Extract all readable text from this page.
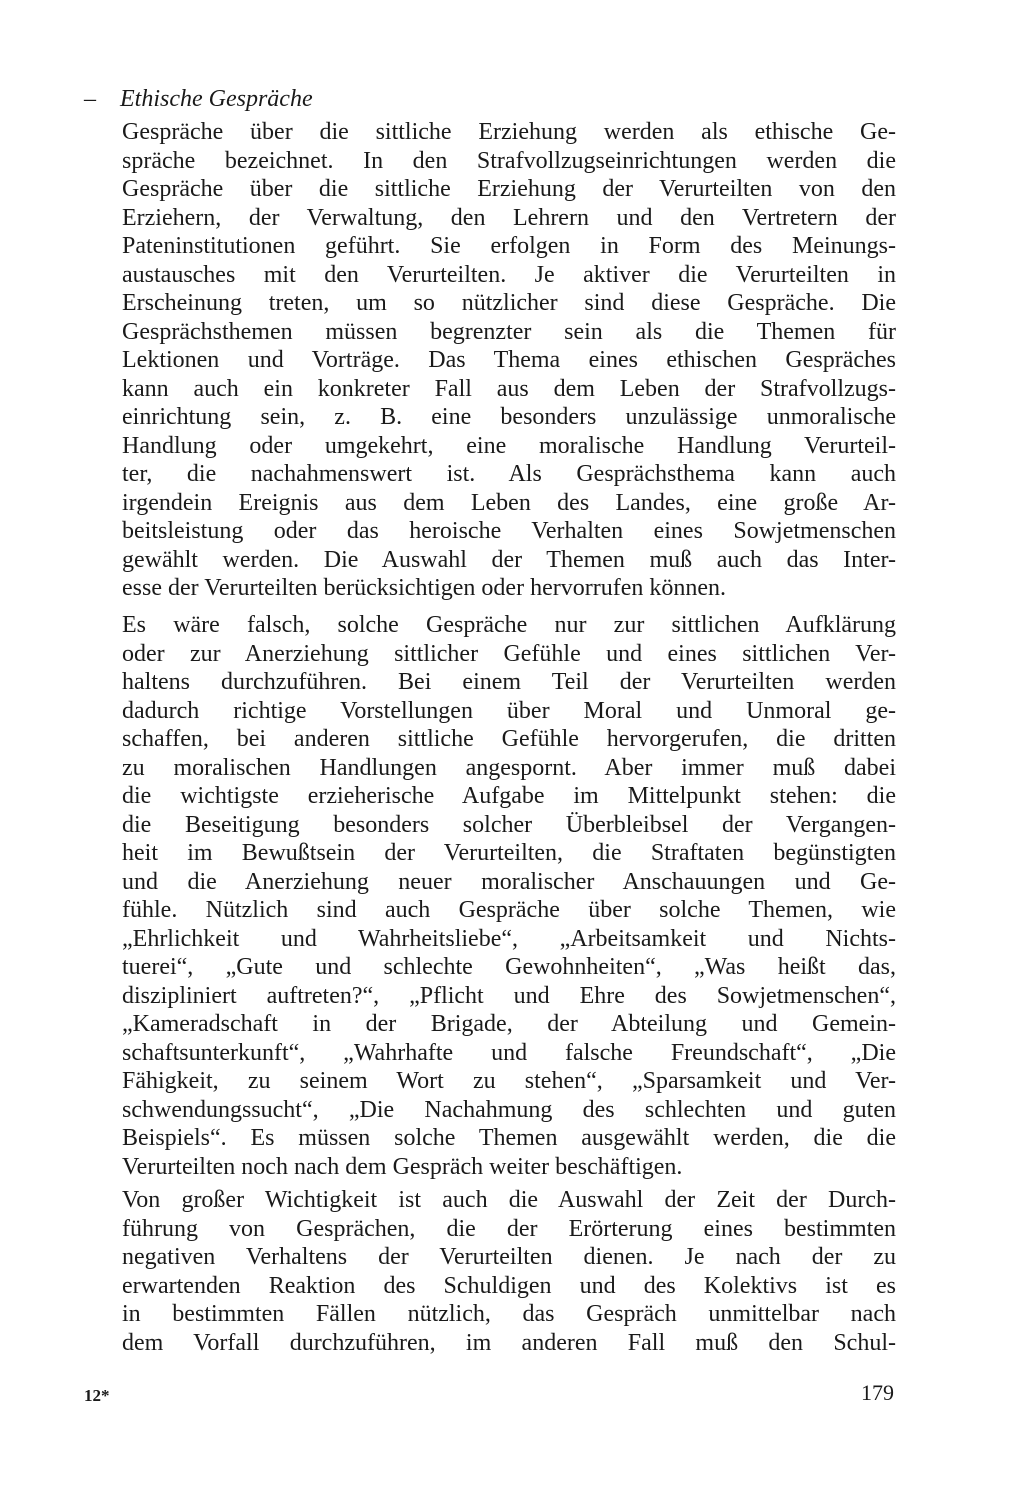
– Ethische Gespräche
Gespräche über die sittliche Erziehung werden als ethische Ge-
spräche bezeichnet. In den Strafvollzugseinrichtungen werden die
Gespräche über die sittliche Erziehung der Verurteilten von den
Erziehern, der Verwaltung, den Lehrern und den Vertretern der
Pateninstitutionen geführt. Sie erfolgen in Form des Meinungs-
austausches mit den Verurteilten. Je aktiver die Verurteilten in
Erscheinung treten, um so nützlicher sind diese Gespräche. Die
Gesprächsthemen müssen begrenzter sein als die Themen für
Lektionen und Vorträge. Das Thema eines ethischen Gespräches
kann auch ein konkreter Fall aus dem Leben der Strafvollzugs-
einrichtung sein, z. B. eine besonders unzulässige unmoralische
Handlung oder umgekehrt, eine moralische Handlung Verurteil-
ter, die nachahmenswert ist. Als Gesprächsthema kann auch
irgendein Ereignis aus dem Leben des Landes, eine große Ar-
beitsleistung oder das heroische Verhalten eines Sowjetmenschen
gewählt werden. Die Auswahl der Themen muß auch das Inter-
esse der Verurteilten berücksichtigen oder hervorrufen können.
Es wäre falsch, solche Gespräche nur zur sittlichen Aufklärung
oder zur Anerziehung sittlicher Gefühle und eines sittlichen Ver-
haltens durchzuführen. Bei einem Teil der Verurteilten werden
dadurch richtige Vorstellungen über Moral und Unmoral ge-
schaffen, bei anderen sittliche Gefühle hervorgerufen, die dritten
zu moralischen Handlungen angespornt. Aber immer muß dabei
die wichtigste erzieherische Aufgabe im Mittelpunkt stehen: die
die Beseitigung besonders solcher Überbleibsel der Vergangen-
heit im Bewußtsein der Verurteilten, die Straftaten begünstigten
und die Anerziehung neuer moralischer Anschauungen und Ge-
fühle. Nützlich sind auch Gespräche über solche Themen, wie
„Ehrlichkeit und Wahrheitsliebe“, „Arbeitsamkeit und Nichts-
tuerei“, „Gute und schlechte Gewohnheiten“, „Was heißt das,
diszipliniert auftreten?“, „Pflicht und Ehre des Sowjetmenschen“,
„Kameradschaft in der Brigade, der Abteilung und Gemein-
schaftsunterkunft“, „Wahrhafte und falsche Freundschaft“, „Die
Fähigkeit, zu seinem Wort zu stehen“, „Sparsamkeit und Ver-
schwendungssucht“, „Die Nachahmung des schlechten und guten
Beispiels“. Es müssen solche Themen ausgewählt werden, die die
Verurteilten noch nach dem Gespräch weiter beschäftigen.
Von großer Wichtigkeit ist auch die Auswahl der Zeit der Durch-
führung von Gesprächen, die der Erörterung eines bestimmten
negativen Verhaltens der Verurteilten dienen. Je nach der zu
erwartenden Reaktion des Schuldigen und des Kolektivs ist es
in bestimmten Fällen nützlich, das Gespräch unmittelbar nach
dem Vorfall durchzuführen, im anderen Fall muß den Schul-
12*	179
